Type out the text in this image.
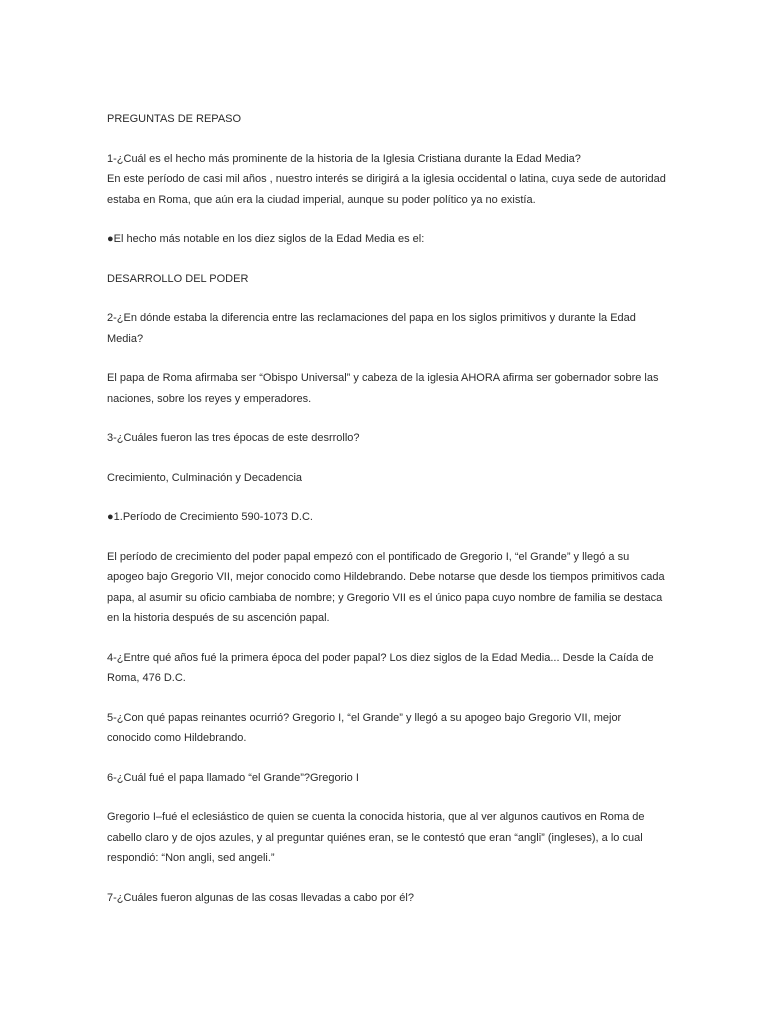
PREGUNTAS DE REPASO

1-¿Cuál es el hecho más prominente de la historia de la Iglesia Cristiana durante la Edad Media?

En este período de casi mil años , nuestro interés se dirigirá a la iglesia occidental o latina, cuya sede de autoridad estaba en Roma, que aún era la ciudad imperial, aunque su poder político ya no existía.

●El hecho más notable en los diez siglos de la Edad Media es el:

DESARROLLO DEL PODER

2-¿En dónde estaba la diferencia entre las reclamaciones del papa en los siglos primitivos y durante la Edad Media?

El papa de Roma afirmaba ser “Obispo Universal” y cabeza de la iglesia AHORA afirma ser gobernador sobre las naciones, sobre los reyes y emperadores.

3-¿Cuáles fueron las tres épocas de este desrrollo?

Crecimiento, Culminación y Decadencia

●1.Período de Crecimiento 590-1073 D.C.

El período de crecimiento del poder papal empezó con el pontificado de Gregorio I, “el Grande” y llegó a su apogeo bajo Gregorio VII, mejor conocido como Hildebrando. Debe notarse que desde los tiempos primitivos cada papa, al asumir su oficio cambiaba de nombre; y Gregorio VII es el único papa cuyo nombre de familia se destaca en la historia después de su ascención papal.

4-¿Entre qué años fué la primera época del poder papal? Los diez siglos de la Edad Media... Desde la Caída de Roma, 476 D.C.

5-¿Con qué papas reinantes ocurrió? Gregorio I, “el Grande” y llegó a su apogeo bajo Gregorio VII, mejor conocido como Hildebrando.

6-¿Cuál fué el papa llamado “el Grande”?Gregorio I

Gregorio I–fué el eclesiástico de quien se cuenta la conocida historia, que al ver algunos cautivos en Roma de cabello claro y de ojos azules, y al preguntar quiénes eran, se le contestó que eran “angli” (ingleses), a lo cual respondió: “Non angli, sed angeli.”

7-¿Cuáles fueron algunas de las cosas llevadas a cabo por él?
